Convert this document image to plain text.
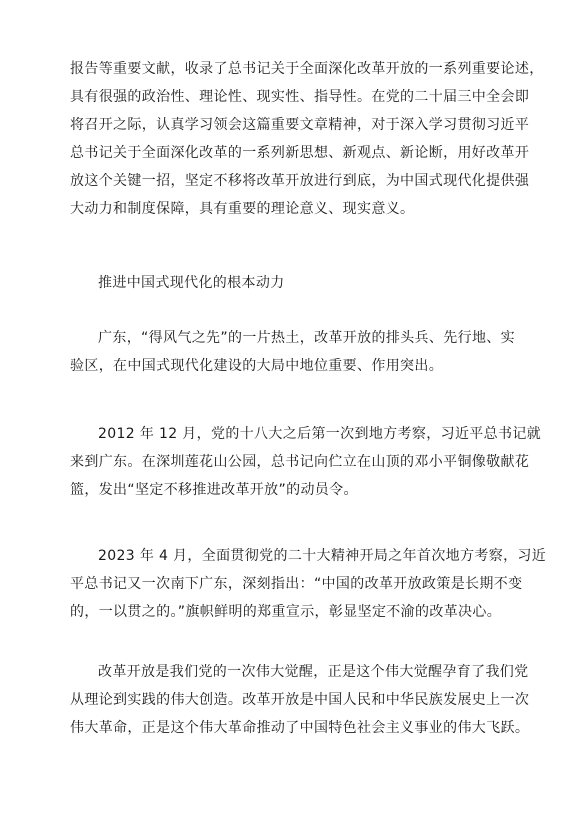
报告等重要文献，收录了总书记关于全面深化改革开放的一系列重要论述，
具有很强的政治性、理论性、现实性、指导性。在党的二十届三中全会即
将召开之际，认真学习领会这篇重要文章精神，对于深入学习贯彻习近平
总书记关于全面深化改革的一系列新思想、新观点、新论断，用好改革开
放这个关键一招，坚定不移将改革开放进行到底，为中国式现代化提供强
大动力和制度保障，具有重要的理论意义、现实意义。
推进中国式现代化的根本动力
广东，“得风气之先”的一片热土，改革开放的排头兵、先行地、实
验区，在中国式现代化建设的大局中地位重要、作用突出。
2012 年 12 月，党的十八大之后第一次到地方考察，习近平总书记就
来到广东。在深圳莲花山公园，总书记向伫立在山顶的邓小平铜像敬献花
篮，发出“坚定不移推进改革开放”的动员令。
2023 年 4 月，全面贯彻党的二十大精神开局之年首次地方考察，习近
平总书记又一次南下广东，深刻指出：“中国的改革开放政策是长期不变
的，一以贯之的。”旗帜鲜明的郑重宣示，彰显坚定不渝的改革决心。
改革开放是我们党的一次伟大觉醒，正是这个伟大觉醒孕育了我们党
从理论到实践的伟大创造。改革开放是中国人民和中华民族发展史上一次
伟大革命，正是这个伟大革命推动了中国特色社会主义事业的伟大飞跃。
